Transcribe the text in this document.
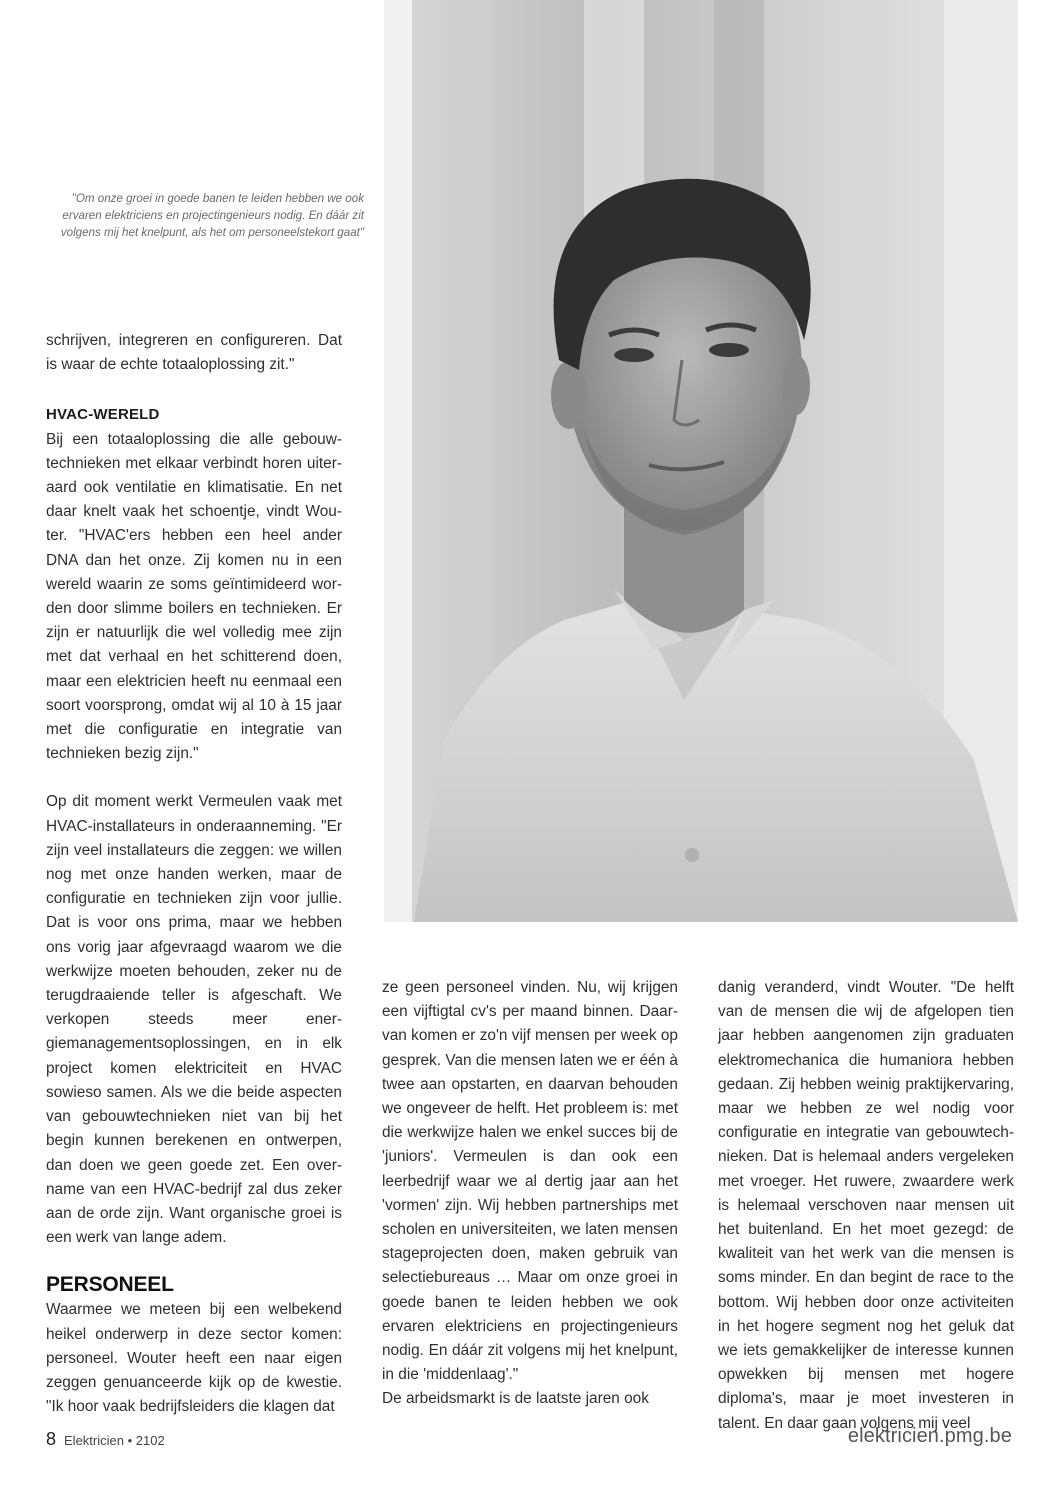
"Om onze groei in goede banen te leiden hebben we ook ervaren elektriciens en projectingenieurs nodig. En dáár zit volgens mij het knelpunt, als het om personeelstekort gaat"

schrijven, integreren en configureren. Dat is waar de echte totaaloplossing zit."

HVAC-WERELD

Bij een totaaloplossing die alle gebouwtechnieken met elkaar verbindt horen uiteraard ook ventilatie en klimatisatie. En net daar knelt vaak het schoentje, vindt Wouter. "HVAC'ers hebben een heel ander DNA dan het onze. Zij komen nu in een wereld waarin ze soms geïntimideerd worden door slimme boilers en technieken. Er zijn er natuurlijk die wel volledig mee zijn met dat verhaal en het schitterend doen, maar een elektricien heeft nu eenmaal een soort voorsprong, omdat wij al 10 à 15 jaar met die configuratie en integratie van technieken bezig zijn."

Op dit moment werkt Vermeulen vaak met HVAC-installateurs in onderaanneming. "Er zijn veel installateurs die zeggen: we willen nog met onze handen werken, maar de configuratie en technieken zijn voor jullie. Dat is voor ons prima, maar we hebben ons vorig jaar afgevraagd waarom we die werkwijze moeten behouden, zeker nu de terugdraaiende teller is afgeschaft. We verkopen steeds meer energiemanagementsoplossingen, en in elk project komen elektriciteit en HVAC sowieso samen. Als we die beide aspecten van gebouwtechnieken niet van bij het begin kunnen berekenen en ontwerpen, dan doen we geen goede zet. Een overname van een HVAC-bedrijf zal dus zeker aan de orde zijn. Want organische groei is een werk van lange adem.

PERSONEEL

Waarmee we meteen bij een welbekend heikel onderwerp in deze sector komen: personeel. Wouter heeft een naar eigen zeggen genuanceerde kijk op de kwestie. "Ik hoor vaak bedrijfsleiders die klagen dat

ze geen personeel vinden. Nu, wij krijgen een vijftigtal cv's per maand binnen. Daarvan komen er zo'n vijf mensen per week op gesprek. Van die mensen laten we er één à twee aan opstarten, en daarvan behouden we ongeveer de helft. Het probleem is: met die werkwijze halen we enkel succes bij de 'juniors'. Vermeulen is dan ook een leerbedrijf waar we al dertig jaar aan het 'vormen' zijn. Wij hebben partnerships met scholen en universiteiten, we laten mensen stageprojecten doen, maken gebruik van selectiebureaus … Maar om onze groei in goede banen te leiden hebben we ook ervaren elektriciens en projectingenieurs nodig. En dáár zit volgens mij het knelpunt, in die 'middenlaag'."

De arbeidsmarkt is de laatste jaren ook

danig veranderd, vindt Wouter. "De helft van de mensen die wij de afgelopen tien jaar hebben aangenomen zijn graduaten elektromechanica die humaniora hebben gedaan. Zij hebben weinig praktijkervaring, maar we hebben ze wel nodig voor configuratie en integratie van gebouwtechnieken. Dat is helemaal anders vergeleken met vroeger. Het ruwere, zwaardere werk is helemaal verschoven naar mensen uit het buitenland. En het moet gezegd: de kwaliteit van het werk van die mensen is soms minder. En dan begint de race to the bottom. Wij hebben door onze activiteiten in het hogere segment nog het geluk dat we iets gemakkelijker de interesse kunnen opwekken bij mensen met hogere diploma's, maar je moet investeren in talent. En daar gaan volgens mij veel

8 Elektricien • 2102	elektricien.pmg.be
